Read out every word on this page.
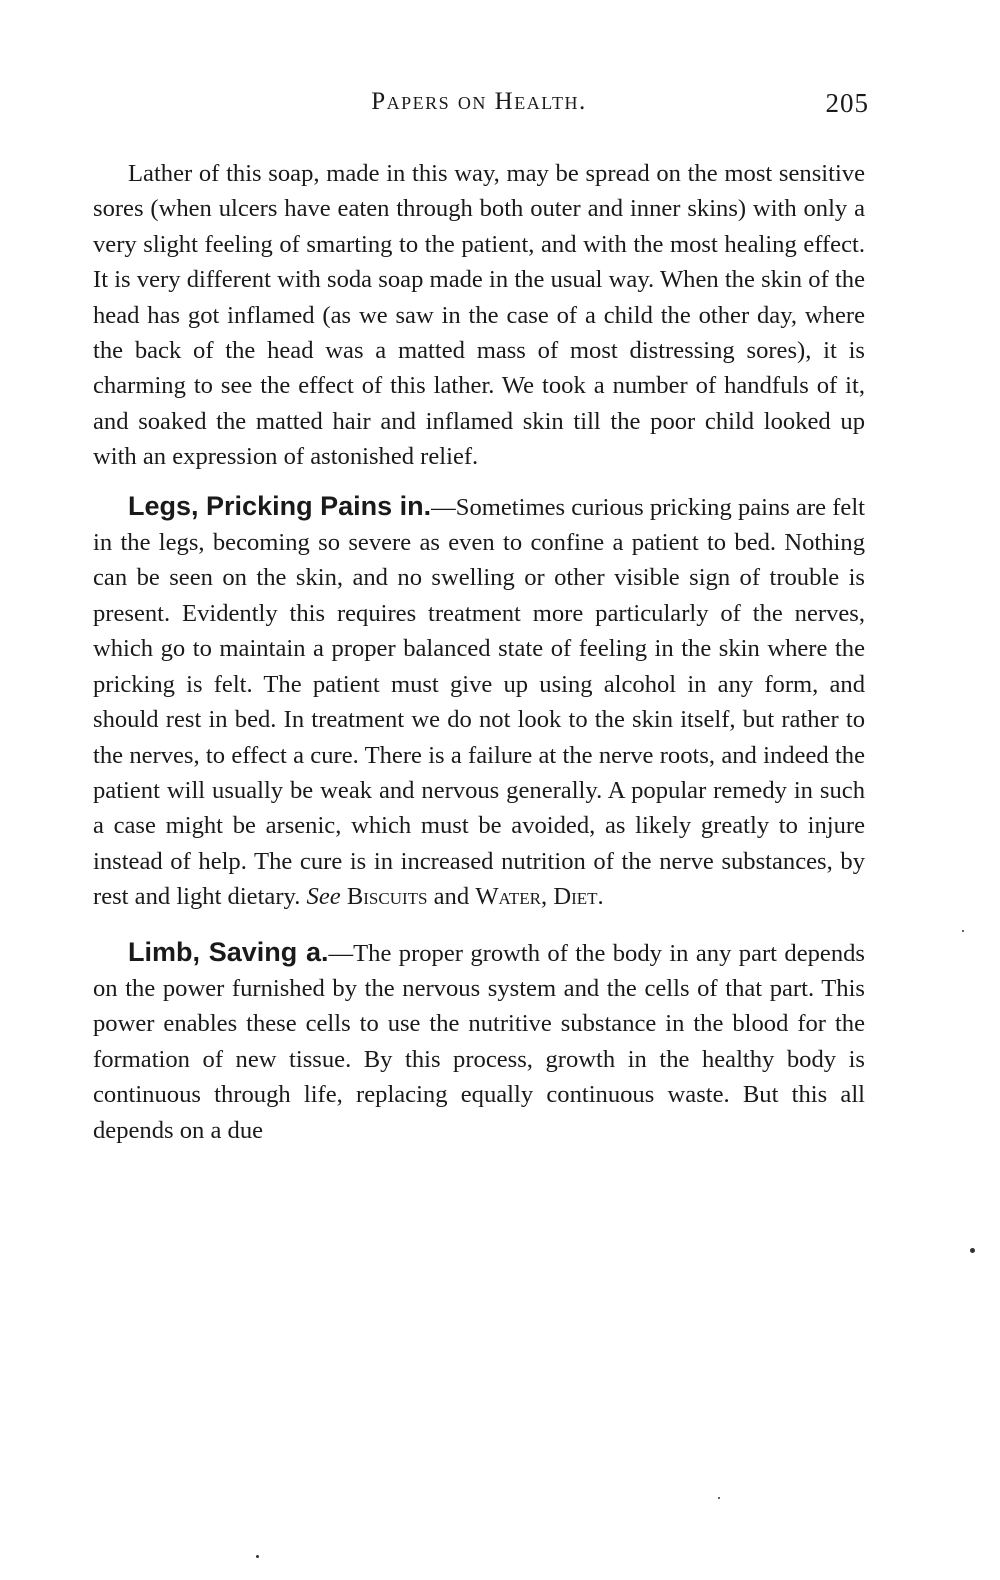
Papers on Health.	205

Lather of this soap, made in this way, may be spread on the most sensitive sores (when ulcers have eaten through both outer and inner skins) with only a very slight feeling of smarting to the patient, and with the most healing effect. It is very different with soda soap made in the usual way. When the skin of the head has got inflamed (as we saw in the case of a child the other day, where the back of the head was a matted mass of most distressing sores), it is charming to see the effect of this lather. We took a number of handfuls of it, and soaked the matted hair and inflamed skin till the poor child looked up with an expression of astonished relief.

Legs, Pricking Pains in.—Sometimes curious pricking pains are felt in the legs, becoming so severe as even to confine a patient to bed. Nothing can be seen on the skin, and no swelling or other visible sign of trouble is present. Evidently this requires treatment more particularly of the nerves, which go to maintain a proper balanced state of feeling in the skin where the pricking is felt. The patient must give up using alcohol in any form, and should rest in bed. In treatment we do not look to the skin itself, but rather to the nerves, to effect a cure. There is a failure at the nerve roots, and indeed the patient will usually be weak and nervous generally. A popular remedy in such a case might be arsenic, which must be avoided, as likely greatly to injure instead of help. The cure is in increased nutrition of the nerve substances, by rest and light dietary. See Biscuits and Water, Diet.

Limb, Saving a.—The proper growth of the body in any part depends on the power furnished by the nervous system and the cells of that part. This power enables these cells to use the nutritive substance in the blood for the formation of new tissue. By this process, growth in the healthy body is continuous through life, replacing equally continuous waste. But this all depends on a due
